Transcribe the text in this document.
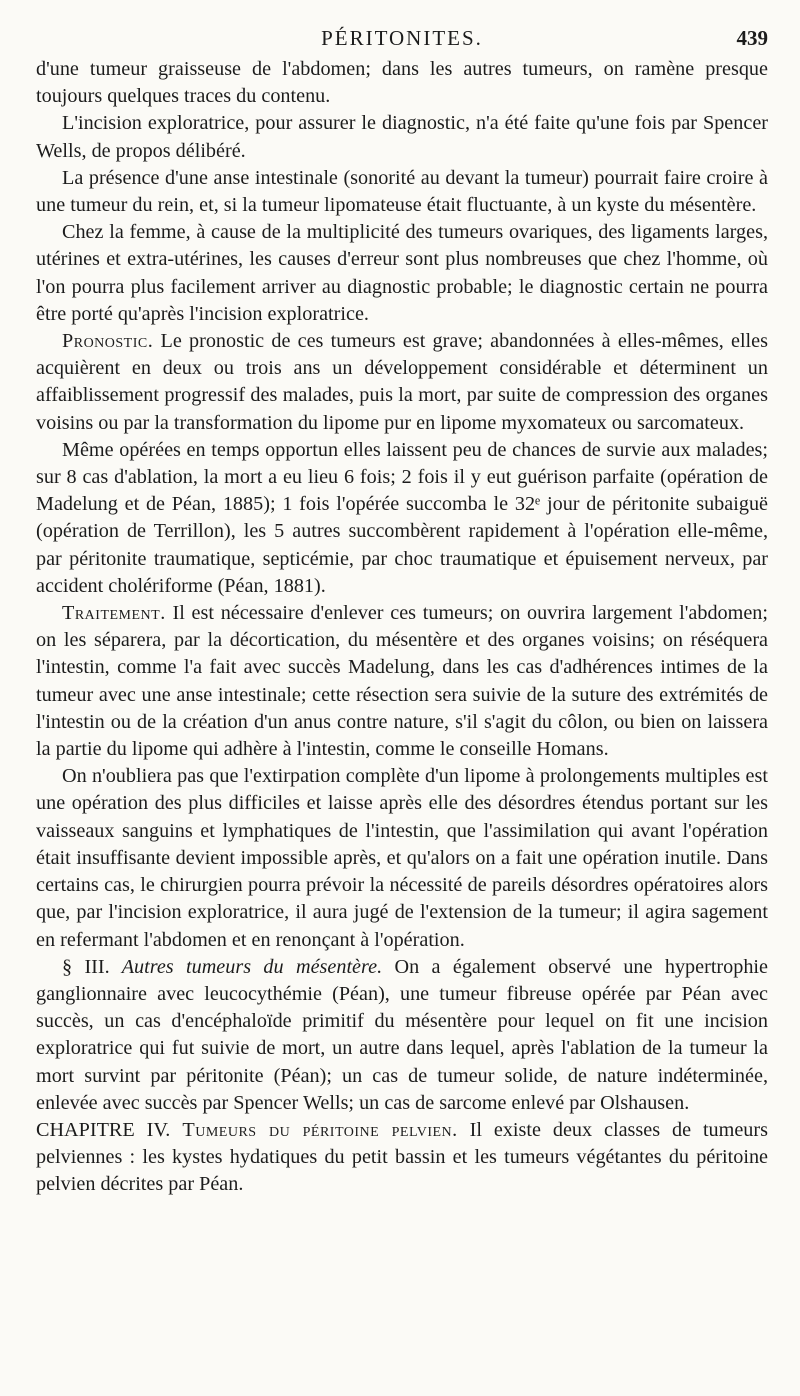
PÉRITONITES.	439

d'une tumeur graisseuse de l'abdomen; dans les autres tumeurs, on ramène presque toujours quelques traces du contenu.

L'incision exploratrice, pour assurer le diagnostic, n'a été faite qu'une fois par Spencer Wells, de propos délibéré.

La présence d'une anse intestinale (sonorité au devant la tumeur) pourrait faire croire à une tumeur du rein, et, si la tumeur lipomateuse était fluctuante, à un kyste du mésentère.

Chez la femme, à cause de la multiplicité des tumeurs ovariques, des ligaments larges, utérines et extra-utérines, les causes d'erreur sont plus nombreuses que chez l'homme, où l'on pourra plus facilement arriver au diagnostic probable; le diagnostic certain ne pourra être porté qu'après l'incision exploratrice.

Pronostic. Le pronostic de ces tumeurs est grave; abandonnées à elles-mêmes, elles acquièrent en deux ou trois ans un développement considérable et déterminent un affaiblissement progressif des malades, puis la mort, par suite de compression des organes voisins ou par la transformation du lipome pur en lipome myxomateux ou sarcomateux.

Même opérées en temps opportun elles laissent peu de chances de survie aux malades; sur 8 cas d'ablation, la mort a eu lieu 6 fois; 2 fois il y eut guérison parfaite (opération de Madelung et de Péan, 1885); 1 fois l'opérée succomba le 32ᵉ jour de péritonite subaiguë (opération de Terrillon), les 5 autres succombèrent rapidement à l'opération elle-même, par péritonite traumatique, septicémie, par choc traumatique et épuisement nerveux, par accident cholériforme (Péan, 1881).

Traitement. Il est nécessaire d'enlever ces tumeurs; on ouvrira largement l'abdomen; on les séparera, par la décortication, du mésentère et des organes voisins; on réséquera l'intestin, comme l'a fait avec succès Madelung, dans les cas d'adhérences intimes de la tumeur avec une anse intestinale; cette résection sera suivie de la suture des extrémités de l'intestin ou de la création d'un anus contre nature, s'il s'agit du côlon, ou bien on laissera la partie du lipome qui adhère à l'intestin, comme le conseille Homans.

On n'oubliera pas que l'extirpation complète d'un lipome à prolongements multiples est une opération des plus difficiles et laisse après elle des désordres étendus portant sur les vaisseaux sanguins et lymphatiques de l'intestin, que l'assimilation qui avant l'opération était insuffisante devient impossible après, et qu'alors on a fait une opération inutile. Dans certains cas, le chirurgien pourra prévoir la nécessité de pareils désordres opératoires alors que, par l'incision exploratrice, il aura jugé de l'extension de la tumeur; il agira sagement en refermant l'abdomen et en renonçant à l'opération.

§ III. Autres tumeurs du mésentère. On a également observé une hypertrophie ganglionnaire avec leucocythémie (Péan), une tumeur fibreuse opérée par Péan avec succès, un cas d'encéphaloïde primitif du mésentère pour lequel on fit une incision exploratrice qui fut suivie de mort, un autre dans lequel, après l'ablation de la tumeur la mort survint par péritonite (Péan); un cas de tumeur solide, de nature indéterminée, enlevée avec succès par Spencer Wells; un cas de sarcome enlevé par Olshausen.

CHAPITRE IV. Tumeurs du péritoine pelvien. Il existe deux classes de tumeurs pelviennes : les kystes hydatiques du petit bassin et les tumeurs végétantes du péritoine pelvien décrites par Péan.
